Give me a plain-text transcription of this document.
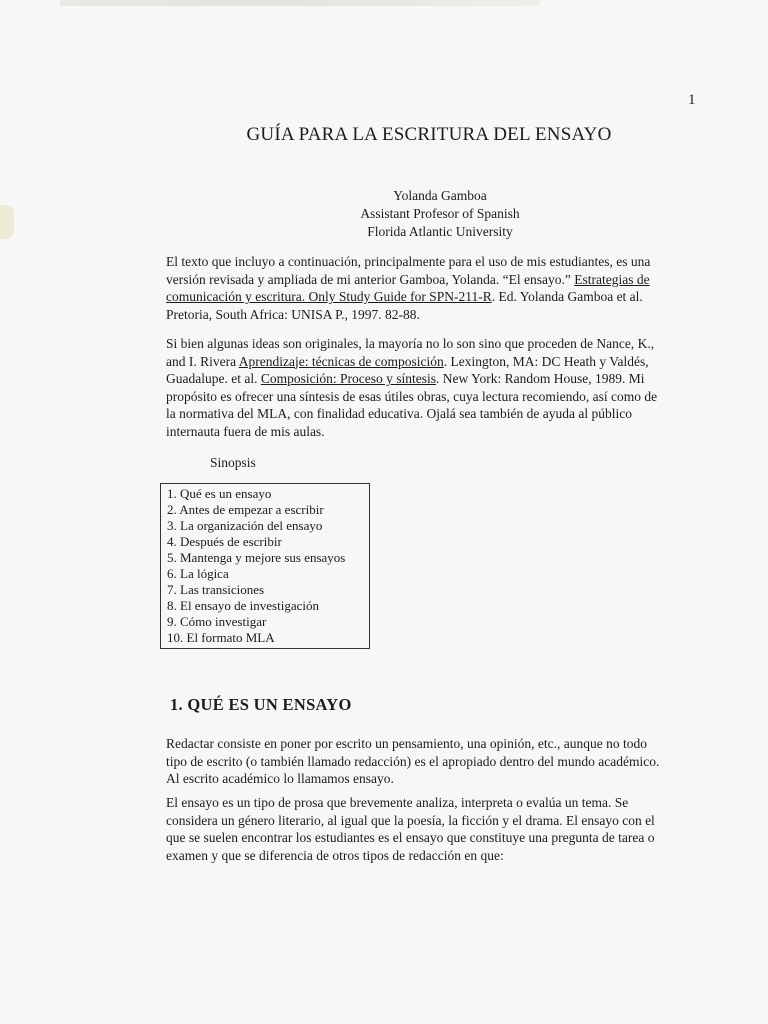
1
GUÍA PARA LA ESCRITURA DEL ENSAYO
Yolanda Gamboa
Assistant Profesor of Spanish
Florida Atlantic University

El texto que incluyo a continuación, principalmente para el uso de mis estudiantes, es una versión revisada y ampliada de mi anterior Gamboa, Yolanda. “El ensayo.” Estrategias de comunicación y escritura. Only Study Guide for SPN-211-R. Ed. Yolanda Gamboa et al. Pretoria, South Africa: UNISA P., 1997. 82-88.

Si bien algunas ideas son originales, la mayoría no lo son sino que proceden de Nance, K., and I. Rivera Aprendizaje: técnicas de composición. Lexington, MA: DC Heath y Valdés, Guadalupe. et al. Composición: Proceso y síntesis. New York: Random House, 1989. Mi propósito es ofrecer una síntesis de esas útiles obras, cuya lectura recomiendo, así como de la normativa del MLA, con finalidad educativa. Ojalá sea también de ayuda al público internauta fuera de mis aulas.

Sinopsis
1. Qué es un ensayo
2. Antes de empezar a escribir
3. La organización del ensayo
4. Después de escribir
5. Mantenga y mejore sus ensayos
6. La lógica
7. Las transiciones
8. El ensayo de investigación
9. Cómo investigar
10. El formato MLA
1. QUÉ ES UN ENSAYO

Redactar consiste en poner por escrito un pensamiento, una opinión, etc., aunque no todo tipo de escrito (o también llamado redacción) es el apropiado dentro del mundo académico. Al escrito académico lo llamamos ensayo.

El ensayo es un tipo de prosa que brevemente analiza, interpreta o evalúa un tema. Se considera un género literario, al igual que la poesía, la ficción y el drama. El ensayo con el que se suelen encontrar los estudiantes es el ensayo que constituye una pregunta de tarea o examen y que se diferencia de otros tipos de redacción en que:
